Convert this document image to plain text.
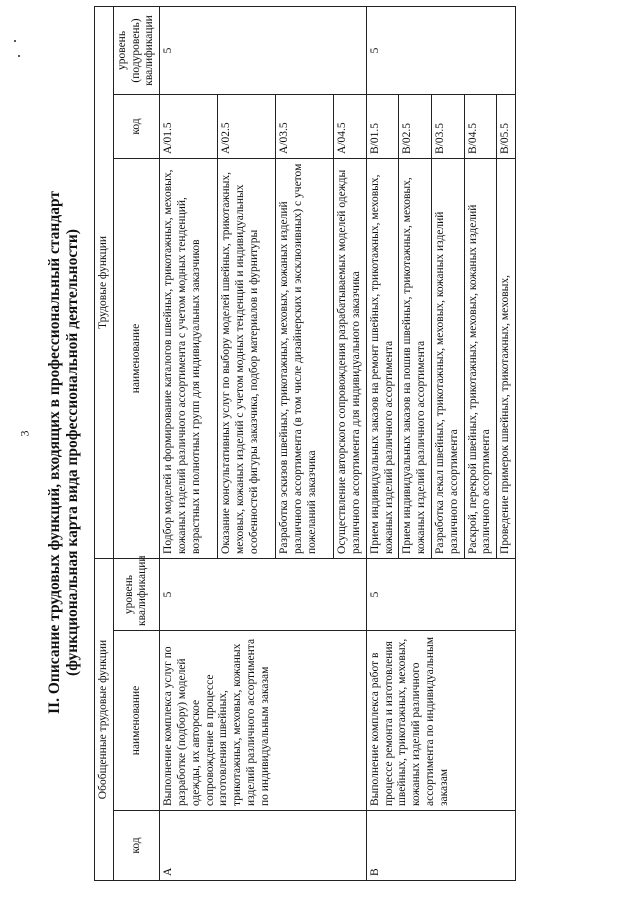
3 II. Описание трудовых функций, входящих в профессиональный стандарт (функциональная карта вида профессиональной деятельности)
Обобщенные трудовые функции			Трудовые функции		
код	наименование	уровень квалификации	наименование	код	уровень (подуровень) квалификации
А	Выполнение комплекса услуг по разработке (подбору) моделей одежды, их авторское сопровождение в процессе изготовления швейных, трикотажных, меховых, кожаных изделий различного ассортимента по индивидуальным заказам	5	Подбор моделей и формирование каталогов швейных, трикотажных, меховых, кожаных изделий различного ассортимента с учетом модных тенденций, возрастных и полнотных групп для индивидуальных заказчиков	А/01.5	5
			Оказание консультативных услуг по выбору моделей швейных, трикотажных, меховых, кожаных изделий с учетом модных тенденций и индивидуальных особенностей фигуры заказчика, подбор материалов и фурнитуры	А/02.5	
			Разработка эскизов швейных, трикотажных, меховых, кожаных изделий различного ассортимента (в том числе дизайнерских и эксклюзивных) с учетом пожеланий заказчика	А/03.5	
			Осуществление авторского сопровождения разрабатываемых моделей одежды различного ассортимента для индивидуального заказчика	А/04.5	
В	Выполнение комплекса работ в процессе ремонта и изготовления швейных, трикотажных, меховых, кожаных изделий различного ассортимента по индивидуальным заказам	5	Прием индивидуальных заказов на ремонт швейных, трикотажных, меховых, кожаных изделий различного ассортимента	В/01.5	5
			Прием индивидуальных заказов на пошив швейных, трикотажных, меховых, кожаных изделий различного ассортимента	В/02.5	
			Разработка лекал швейных, трикотажных, меховых, кожаных изделий различного ассортимента	В/03.5	
			Раскрой, перекрой швейных, трикотажных, меховых, кожаных изделий различного ассортимента	В/04.5	
			Проведение примерок швейных, трикотажных, меховых,	В/05.5	
